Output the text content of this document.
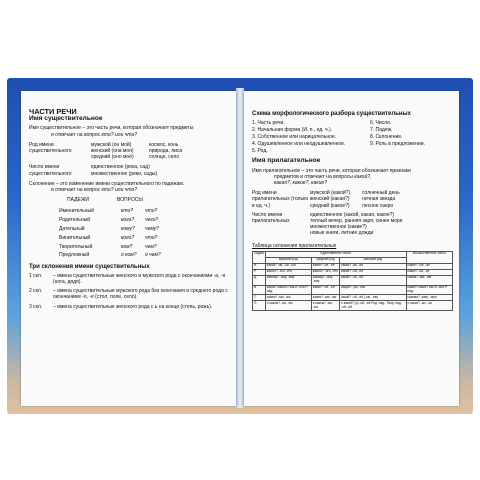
ЧАСТИ РЕЧИ
Имя существительное
Имя существительное – это часть речи, которая обозначает предметы
и отвечает на вопрос кто? или что?
Род имени существительного
мужской (он мой)	космос, конь
женский (она моя)	природа, лиса
средний (оно моё)	солнце, село
Число имени существительного
единственное (река, сад)
множественное (реки, сады)
Склонение – это изменение имени существительного по падежам.
и отвечает на вопрос кто? или что?
ПАДЕЖИ	ВОПРОСЫ
Именительный	кто?	что?
Родительный	кого?	чего?
Дательный	кому?	чему?
Винительный	кого?	что?
Творительный	кем?	чем?
Предложный	о ком?	о чем?
Три склонения имени существительных
1 скл.	– имена существительные женского и мужского рода с окончаниями -а, -я (нога, дядя).
2 скл.	– имена существительные мужского рода без окончания и среднего рода с окончанием -о, -е (стол, поле, село).
3 скл.	– имена существительные женского рода с ь на конце (степь, рожь).
Схема морфологического разбора существительных
1. Часть речи.	6. Число.
2. Начальная форма (И. п., ед. ч.).	7. Падеж.
3. Собственное или нарицательное.	8. Склонение.
4. Одушевленное или неодушевленное.	9. Роль в предложении.
5. Род.
Имя прилагательное
Имя прилагательное – это часть речи, которая обозначает признаки
предметов и отвечает на вопросы какой?,
какая?, какое?, какие?
Род имени прилагательных (только в ед. ч.)
мужской (какой?)	солнечный день
женский (какая?)	ночная звезда
средний (какое?)	лесное озеро
Число имени прилагательных
единственное (какой, какая, какое?)
теплый вечер, ранняя заря, синее море
множественное (какие?)
новые книги, летние дожди
Таблица склонения прилагательных
Падеж	Единственное число			Множественное число
	мужской род	средний род	женский род	
И.	какой? -ий, -ой, -ый	какое? -ое, -ее	какая? -ая, -яя	какие? -ые, -ие
Р.	какого? -ого, -его	какого? -ого, -его	какой? -ой, -ей	каких? -ых, -их
Д.	какому? -ому, -ему	какому? -ому, -ему	какой? -ой, -ей	каким? -ым, -им
В.	какой? какого? как И. или Р. пад.	какое? -ое, -ее	какую? -ую, -юю	какие? каких? как И. или Р. пад.
Т.	каким? -ым, -им	каким? -ым, -им	какой? -ой, -ей (-ою, -ею)	какими? -ыми, -ими
П.	о каком? -ом, -ем	о каком? -ом, -ем	о какой? (о) -ой, -ей Род. пад., Твор. пад. -ой, -ей	о каких? -ых, -их
